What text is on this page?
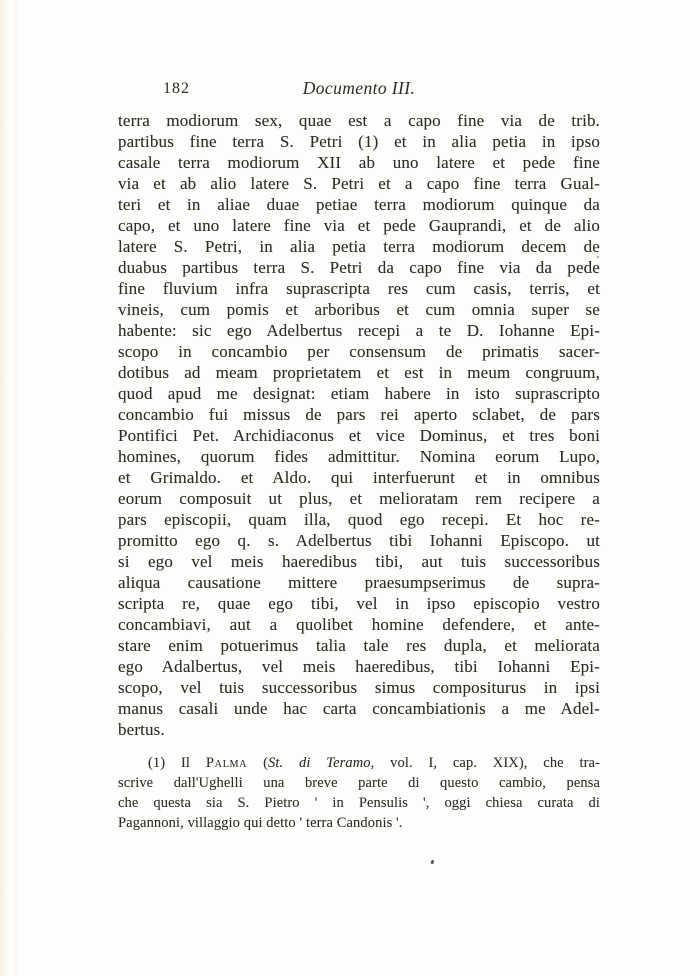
182	Documento III.
terra modiorum sex, quae est a capo fine via de trib.
partibus fine terra S. Petri (1) et in alia petia in ipso
casale terra modiorum XII ab uno latere et pede fine
via et ab alio latere S. Petri et a capo fine terra Gual-
teri et in aliae duae petiae terra modiorum quinque da
capo, et uno latere fine via et pede Gauprandi, et de alio
latere S. Petri, in alia petia terra modiorum decem de
duabus partibus terra S. Petri da capo fine via da pede
fine fluvium infra suprascripta res cum casis, terris, et
vineis, cum pomis et arboribus et cum omnia super se
habente: sic ego Adelbertus recepi a te D. Iohanne Epi-
scopo in concambio per consensum de primatis sacer-
dotibus ad meam proprietatem et est in meum congruum,
quod apud me designat: etiam habere in isto suprascripto
concambio fui missus de pars rei aperto sclabet, de pars
Pontifici Pet. Archidiaconus et vice Dominus, et tres boni
homines, quorum fides admittitur. Nomina eorum Lupo,
et Grimaldo. et Aldo. qui interfuerunt et in omnibus
eorum composuit ut plus, et melioratam rem recipere a
pars episcopii, quam illa, quod ego recepi. Et hoc re-
promitto ego q. s. Adelbertus tibi Iohanni Episcopo. ut
si ego vel meis haeredibus tibi, aut tuis successoribus
aliqua causatione mittere praesumpserimus de supra-
scripta re, quae ego tibi, vel in ipso episcopio vestro
concambiavi, aut a quolibet homine defendere, et ante-
stare enim potuerimus talia tale res dupla, et meliorata
ego Adalbertus, vel meis haeredibus, tibi Iohanni Epi-
scopo, vel tuis successoribus simus compositurus in ipsi
manus casali unde hac carta concambiationis a me Adel-
bertus.
(1) Il Palma (St. di Teramo, vol. I, cap. XIX), che tra-
scrive dall'Ughelli una breve parte di questo cambio, pensa
che questa sia S. Pietro ' in Pensulis ', oggi chiesa curata di
Pagannoni, villaggio qui detto ' terra Candonis '.
